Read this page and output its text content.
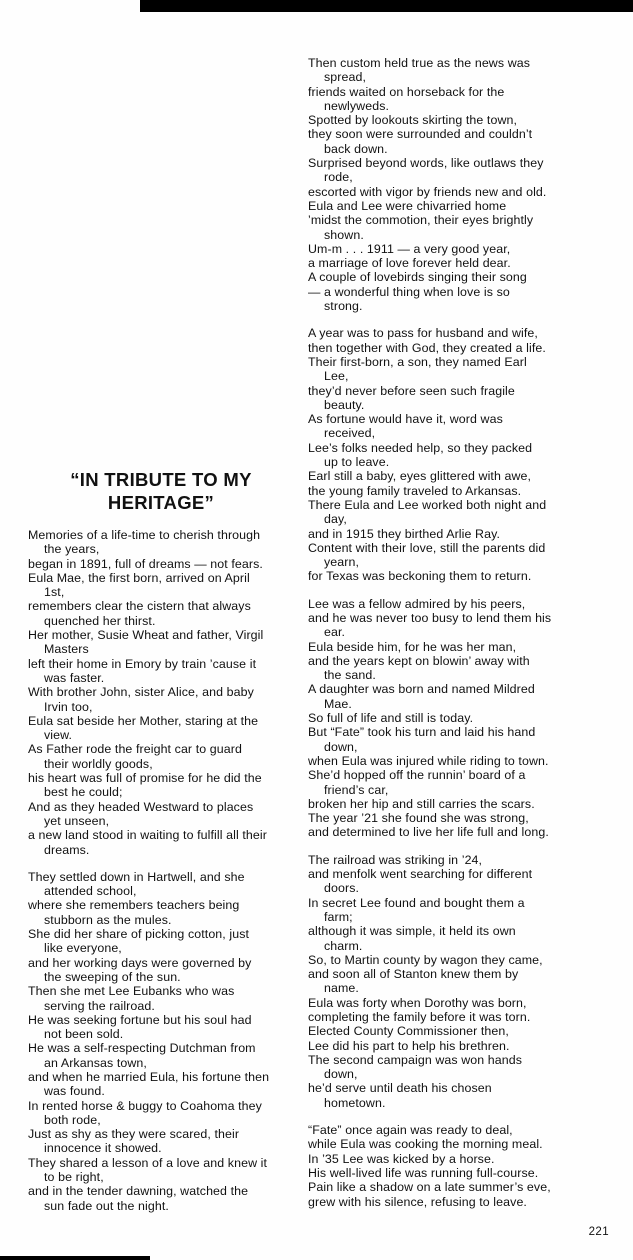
“IN TRIBUTE TO MY HERITAGE”
Memories of a life-time to cherish through
the years,
began in 1891, full of dreams — not fears.
Eula Mae, the first born, arrived on April
1st,
remembers clear the cistern that always
quenched her thirst.
Her mother, Susie Wheat and father, Virgil
Masters
left their home in Emory by train ’cause it
was faster.
With brother John, sister Alice, and baby
Irvin too,
Eula sat beside her Mother, staring at the
view.
As Father rode the freight car to guard
their worldly goods,
his heart was full of promise for he did the
best he could;
And as they headed Westward to places
yet unseen,
a new land stood in waiting to fulfill all their
dreams.
They settled down in Hartwell, and she
attended school,
where she remembers teachers being
stubborn as the mules.
She did her share of picking cotton, just
like everyone,
and her working days were governed by
the sweeping of the sun.
Then she met Lee Eubanks who was
serving the railroad.
He was seeking fortune but his soul had
not been sold.
He was a self-respecting Dutchman from
an Arkansas town,
and when he married Eula, his fortune then
was found.
In rented horse & buggy to Coahoma they
both rode,
Just as shy as they were scared, their
innocence it showed.
They shared a lesson of a love and knew it
to be right,
and in the tender dawning, watched the
sun fade out the night.
Then custom held true as the news was
spread,
friends waited on horseback for the
newlyweds.
Spotted by lookouts skirting the town,
they soon were surrounded and couldn’t
back down.
Surprised beyond words, like outlaws they
rode,
escorted with vigor by friends new and old.
Eula and Lee were chivarried home
’midst the commotion, their eyes brightly
shown.
Um-m . . . 1911 — a very good year,
a marriage of love forever held dear.
A couple of lovebirds singing their song
— a wonderful thing when love is so
strong.
A year was to pass for husband and wife,
then together with God, they created a life.
Their first-born, a son, they named Earl
Lee,
they’d never before seen such fragile
beauty.
As fortune would have it, word was
received,
Lee’s folks needed help, so they packed
up to leave.
Earl still a baby, eyes glittered with awe,
the young family traveled to Arkansas.
There Eula and Lee worked both night and
day,
and in 1915 they birthed Arlie Ray.
Content with their love, still the parents did
yearn,
for Texas was beckoning them to return.
Lee was a fellow admired by his peers,
and he was never too busy to lend them his
ear.
Eula beside him, for he was her man,
and the years kept on blowin’ away with
the sand.
A daughter was born and named Mildred
Mae.
So full of life and still is today.
But “Fate” took his turn and laid his hand
down,
when Eula was injured while riding to town.
She’d hopped off the runnin’ board of a
friend’s car,
broken her hip and still carries the scars.
The year ’21 she found she was strong,
and determined to live her life full and long.
The railroad was striking in ’24,
and menfolk went searching for different
doors.
In secret Lee found and bought them a
farm;
although it was simple, it held its own
charm.
So, to Martin county by wagon they came,
and soon all of Stanton knew them by
name.
Eula was forty when Dorothy was born,
completing the family before it was torn.
Elected County Commissioner then,
Lee did his part to help his brethren.
The second campaign was won hands
down,
he’d serve until death his chosen
hometown.
“Fate” once again was ready to deal,
while Eula was cooking the morning meal.
In ’35 Lee was kicked by a horse.
His well-lived life was running full-course.
Pain like a shadow on a late summer’s eve,
grew with his silence, refusing to leave.
221
